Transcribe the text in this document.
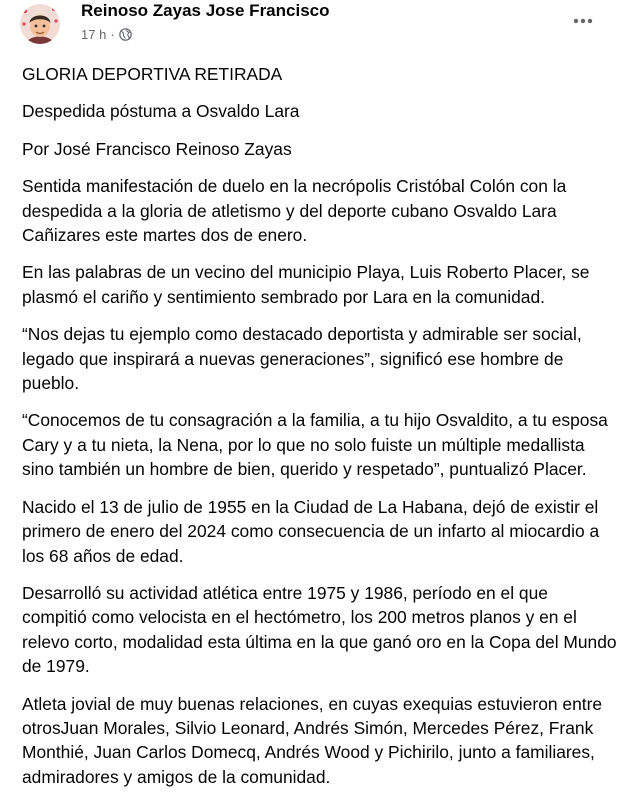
Reinoso Zayas Jose Francisco
17 h ·

GLORIA DEPORTIVA RETIRADA

Despedida póstuma a Osvaldo Lara

Por José Francisco Reinoso Zayas

Sentida manifestación de duelo en la necrópolis Cristóbal Colón con la despedida a la gloria de atletismo y del deporte cubano Osvaldo Lara Cañizares este martes dos de enero.

En las palabras de un vecino del municipio Playa, Luis Roberto Placer, se plasmó el cariño y sentimiento sembrado por Lara en la comunidad.

“Nos dejas tu ejemplo como destacado deportista y admirable ser social, legado que inspirará a nuevas generaciones”, significó ese hombre de pueblo.

“Conocemos de tu consagración a la familia, a tu hijo Osvaldito, a tu esposa Cary y a tu nieta, la Nena, por lo que no solo fuiste un múltiple medallista sino también un hombre de bien, querido y respetado”, puntualizó Placer.

Nacido el 13 de julio de 1955 en la Ciudad de La Habana, dejó de existir el primero de enero del 2024 como consecuencia de un infarto al miocardio a los 68 años de edad.

Desarrolló su actividad atlética entre 1975 y 1986, período en el que compitió como velocista en el hectómetro, los 200 metros planos y en el relevo corto, modalidad esta última en la que ganó oro en la Copa del Mundo de 1979.

Atleta jovial de muy buenas relaciones, en cuyas exequias estuvieron entre otrosJuan Morales, Silvio Leonard, Andrés Simón, Mercedes Pérez, Frank Monthié, Juan Carlos Domecq, Andrés Wood y Pichirilo, junto a familiares, admiradores y amigos de la comunidad.
